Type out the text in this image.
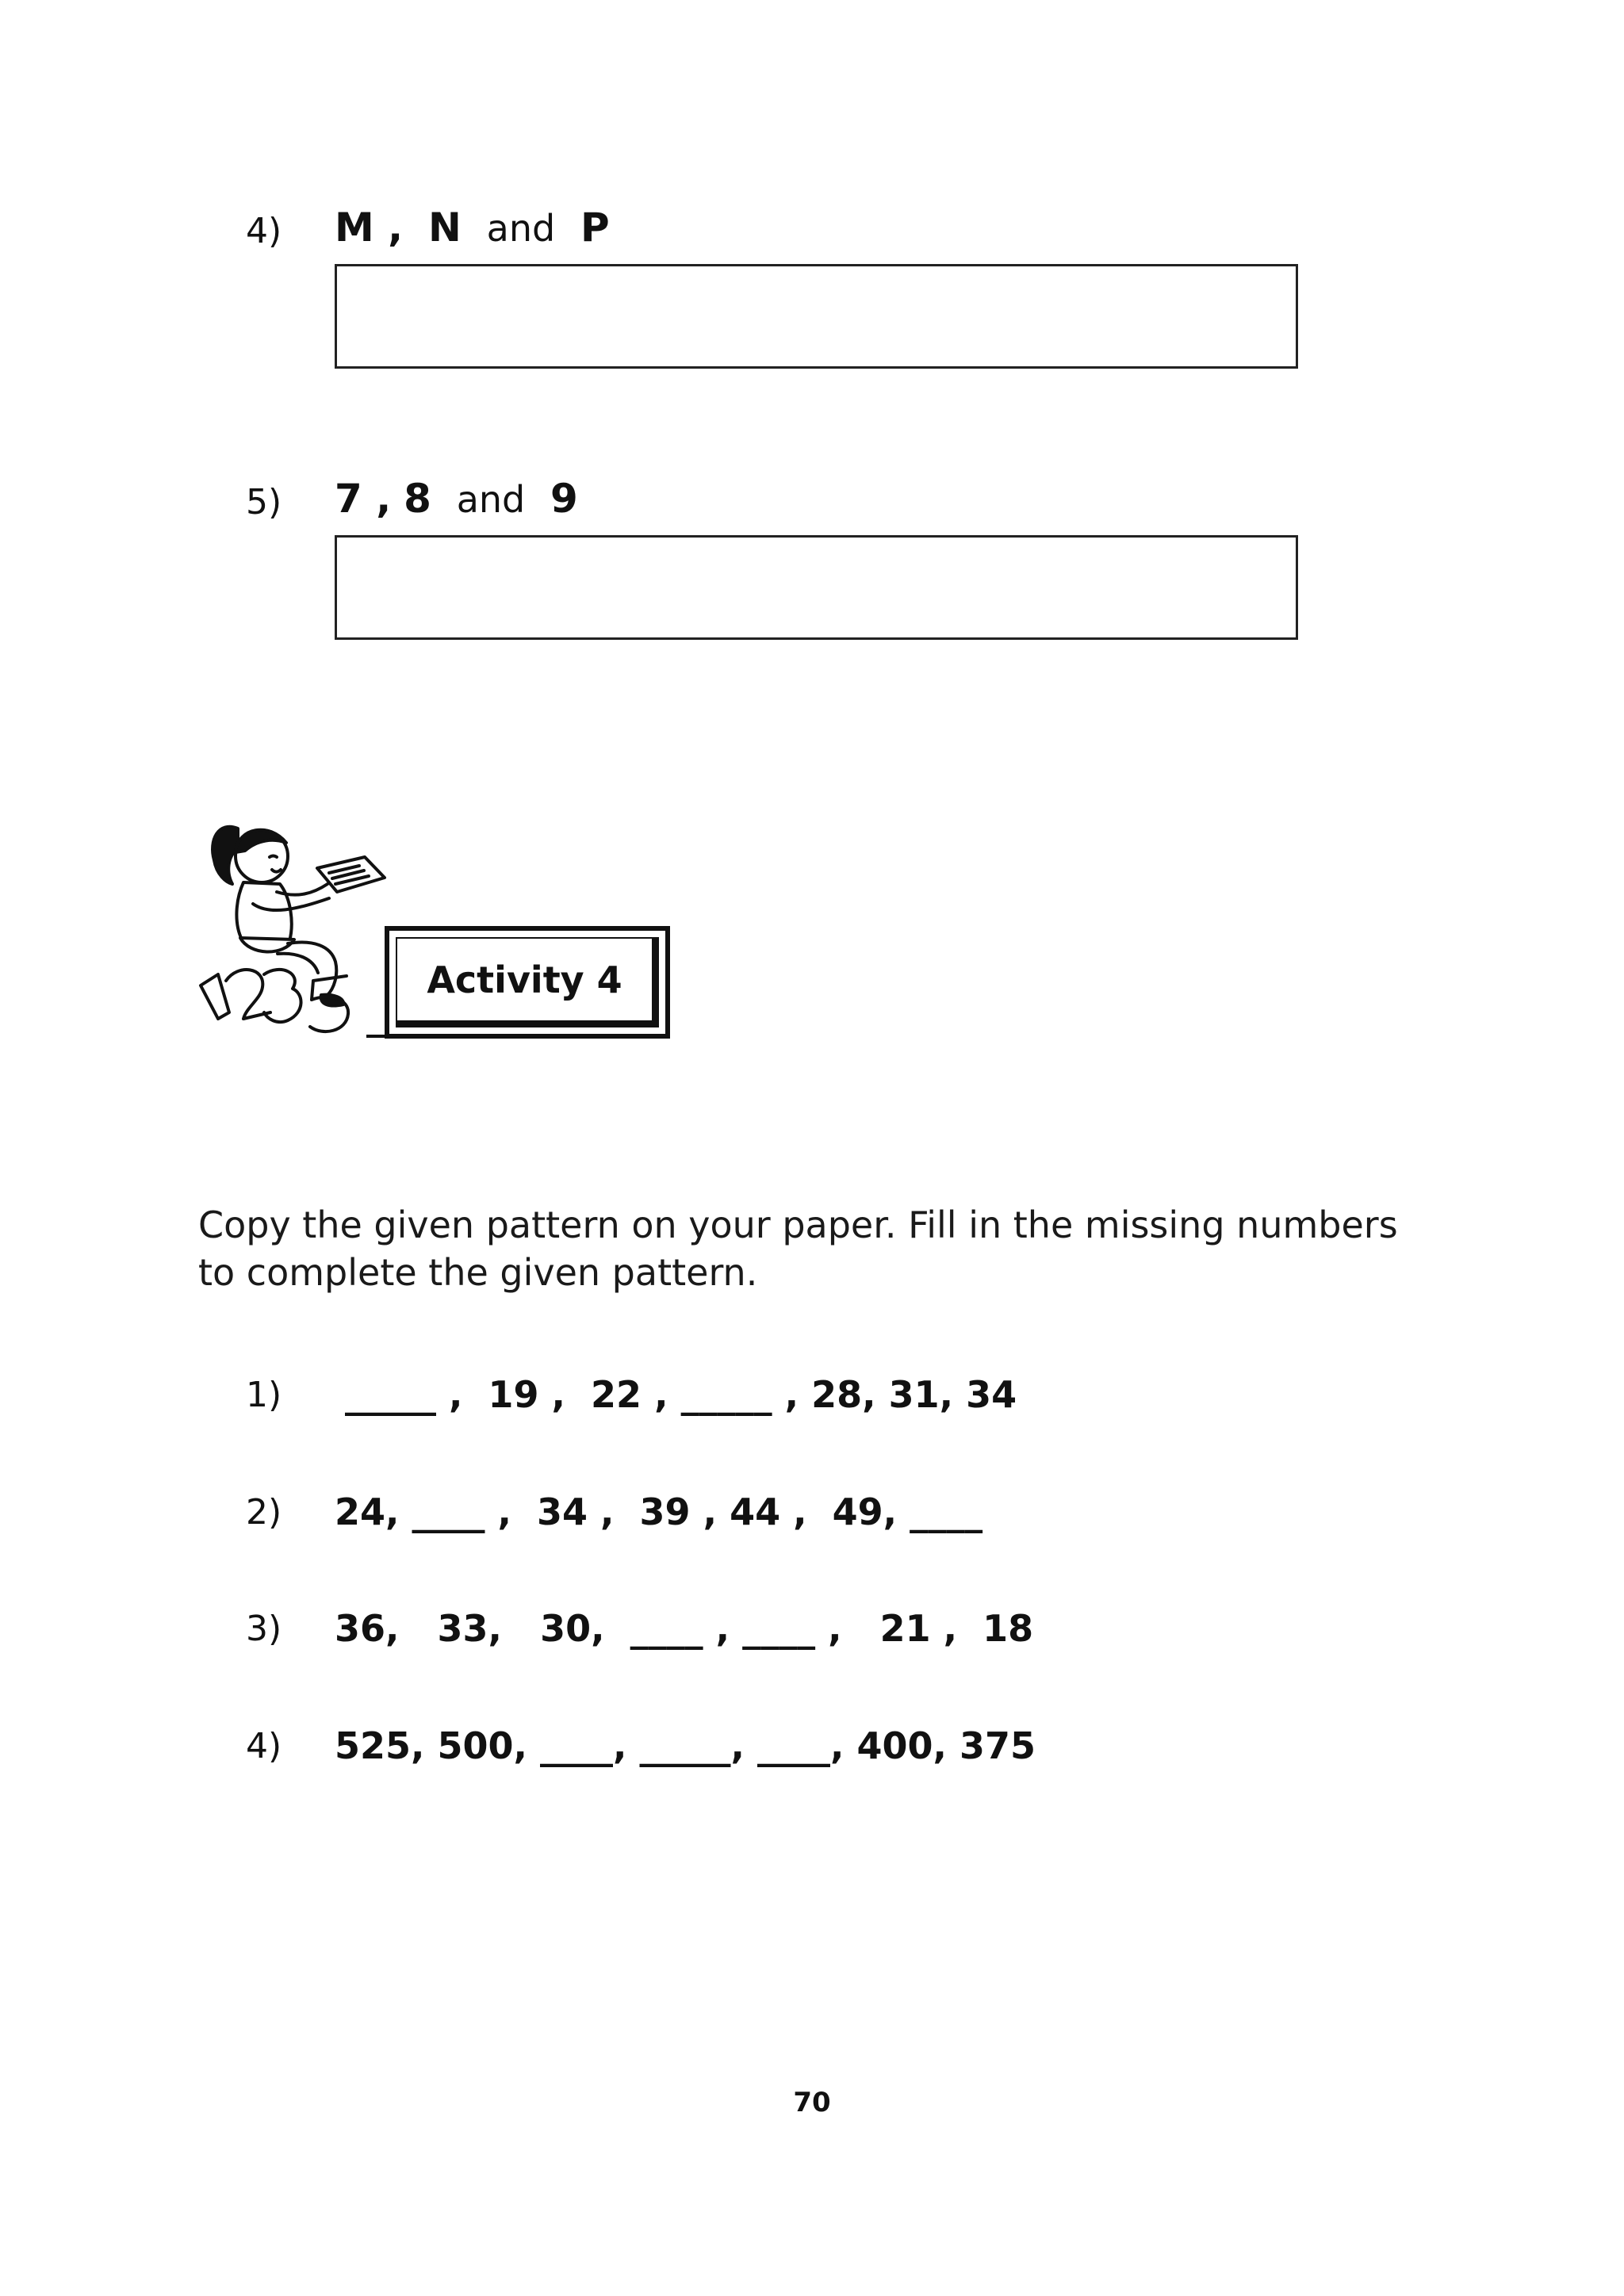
4) M , N and P
5) 7 , 8 and 9
Activity 4
Copy the given pattern on your paper. Fill in the missing numbers to complete the given pattern.
1) _____ ,  19 ,  22 , _____ , 28, 31, 34
2) 24, ____ ,  34 ,  39 , 44 ,  49, ____
3) 36,   33,   30,  ____ , ____ ,   21 ,  18
4) 525, 500, ____, _____, ____, 400, 375
70
